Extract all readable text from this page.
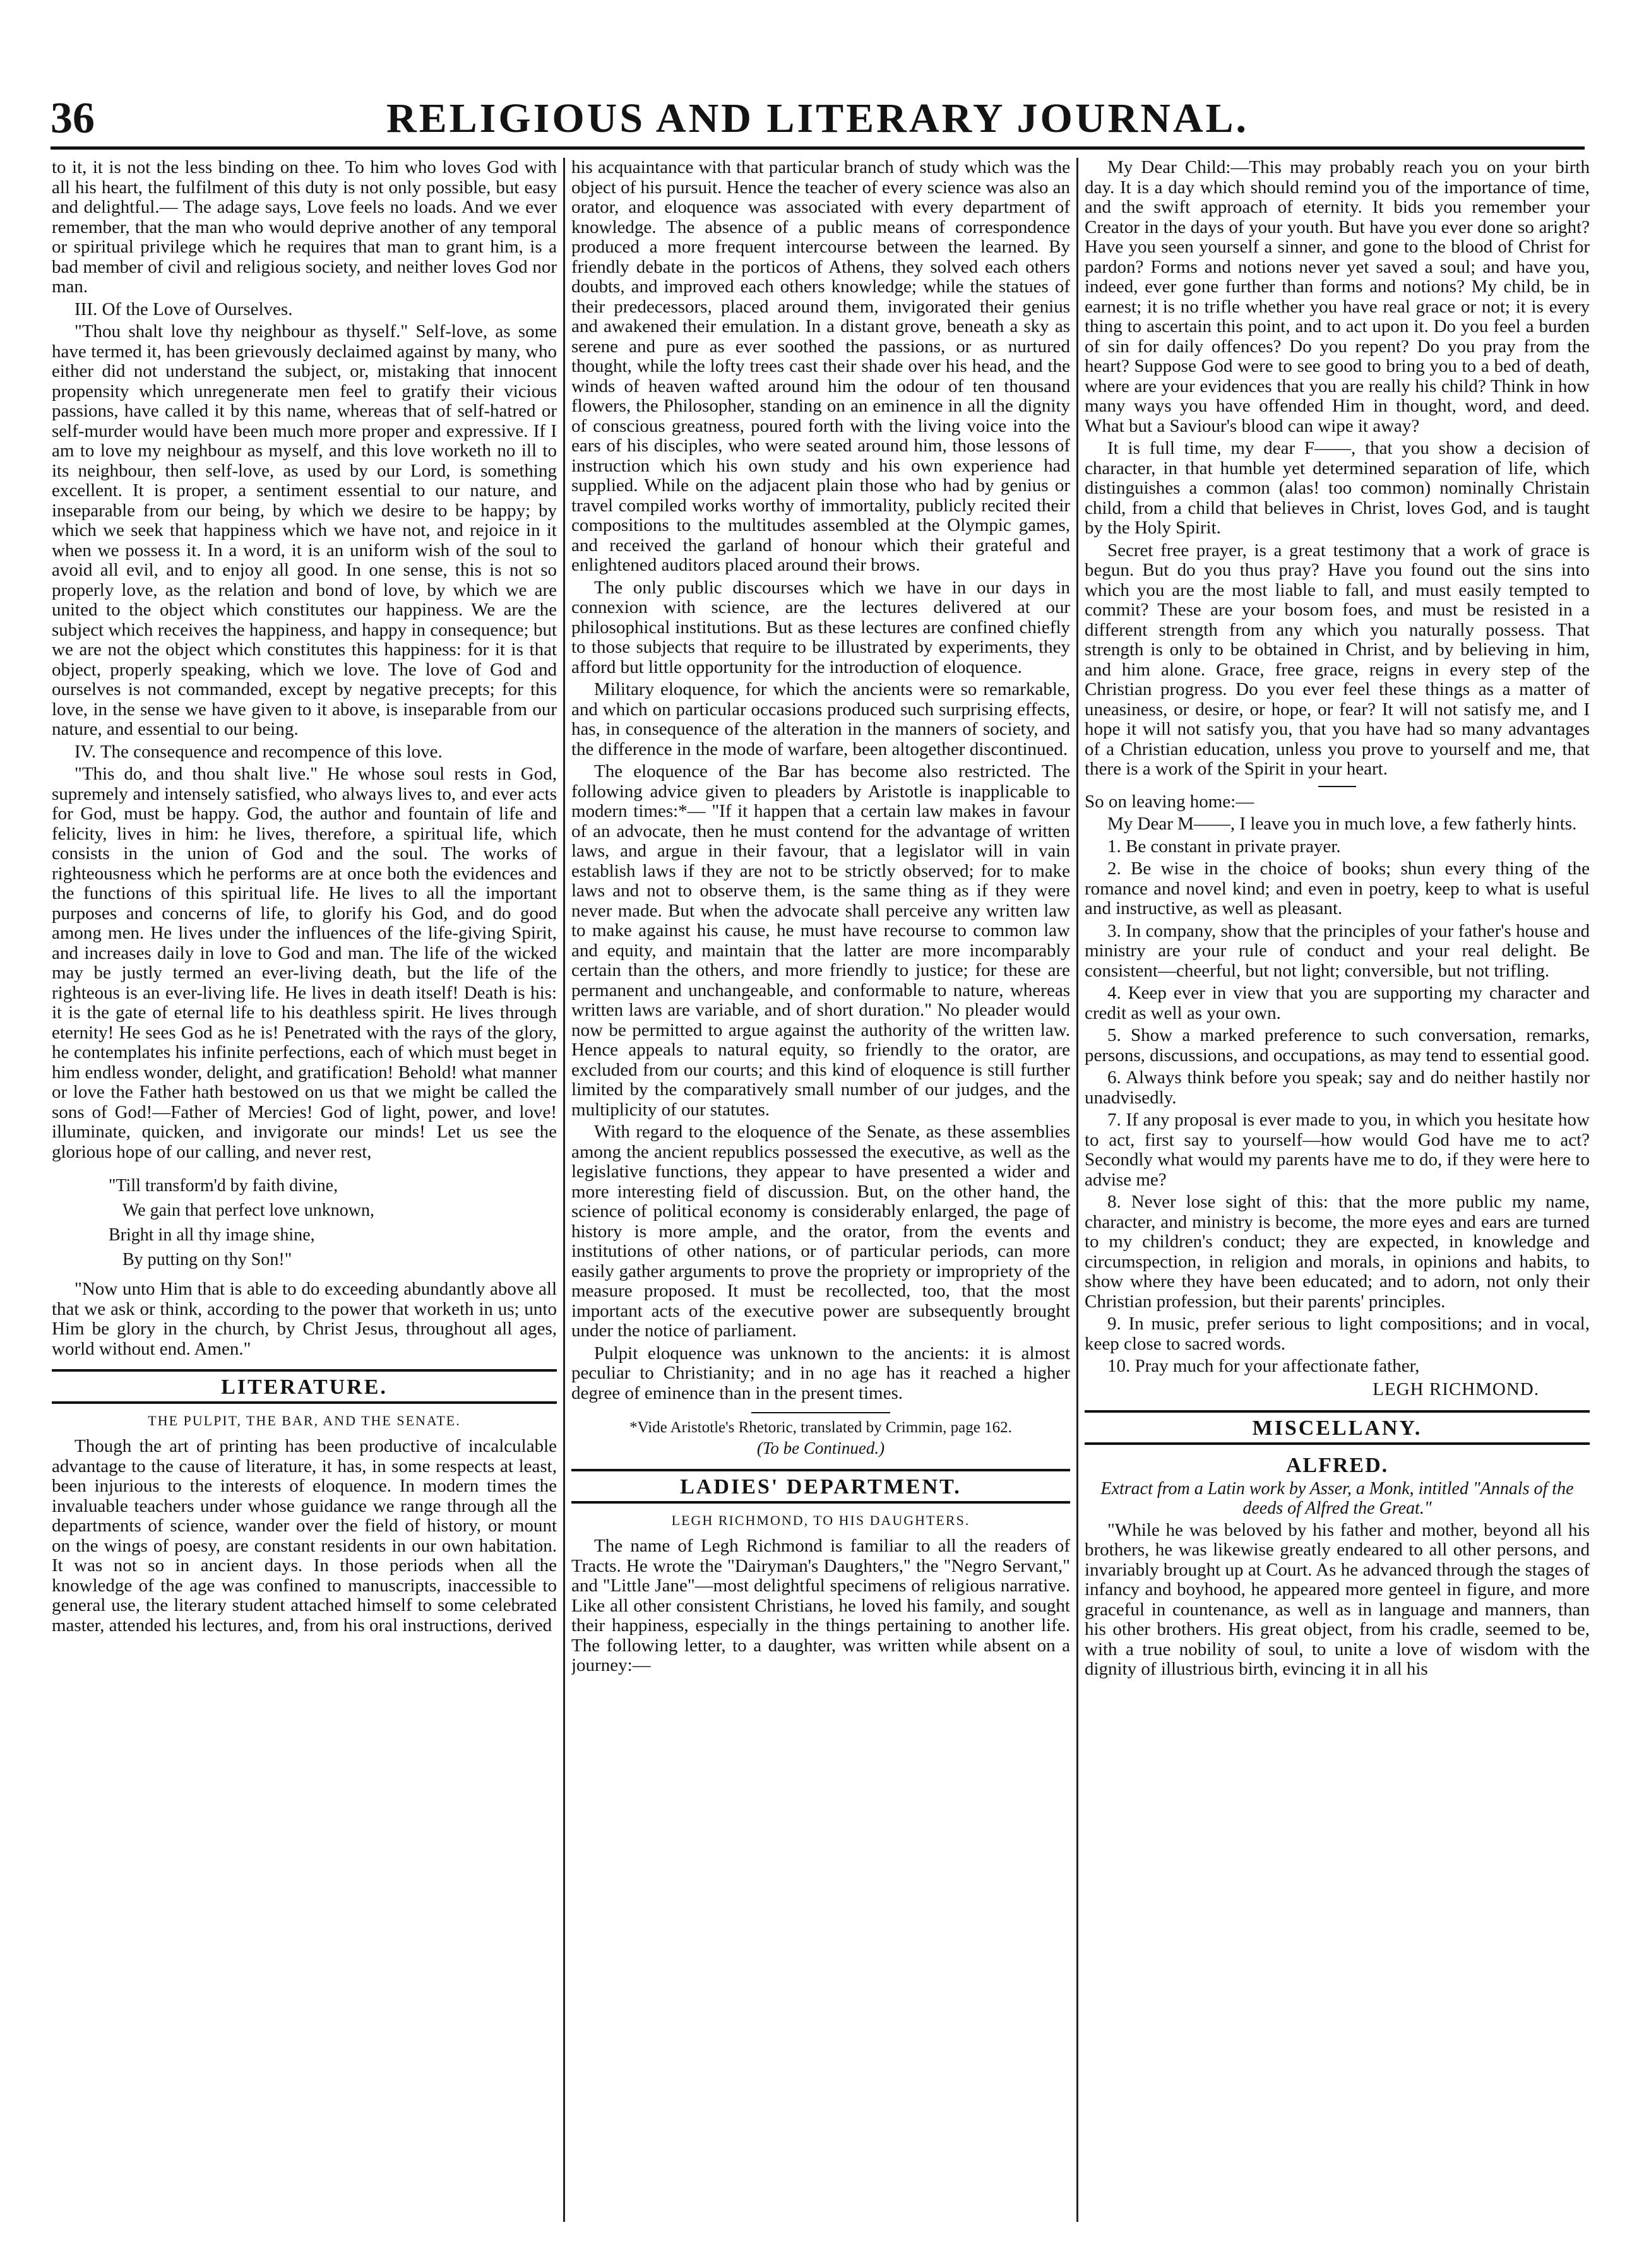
36	RELIGIOUS AND LITERARY JOURNAL.

to it, it is not the less binding on thee. To him who loves God with all his heart, the fulfilment of this duty is not only possible, but easy and delightful.— The adage says, Love feels no loads. And we ever remember, that the man who would deprive another of any temporal or spiritual privilege which he requires that man to grant him, is a bad member of civil and religious society, and neither loves God nor man.

III. Of the Love of Ourselves.

"Thou shalt love thy neighbour as thyself." Self-love, as some have termed it, has been grievously declaimed against by many, who either did not understand the subject, or, mistaking that innocent propensity which unregenerate men feel to gratify their vicious passions, have called it by this name, whereas that of self-hatred or self-murder would have been much more proper and expressive. If I am to love my neighbour as myself, and this love worketh no ill to its neighbour, then self-love, as used by our Lord, is something excellent. It is proper, a sentiment essential to our nature, and inseparable from our being, by which we desire to be happy; by which we seek that happiness which we have not, and rejoice in it when we possess it. In a word, it is an uniform wish of the soul to avoid all evil, and to enjoy all good. In one sense, this is not so properly love, as the relation and bond of love, by which we are united to the object which constitutes our happiness. We are the subject which receives the happiness, and happy in consequence; but we are not the object which constitutes this happiness: for it is that object, properly speaking, which we love. The love of God and ourselves is not commanded, except by negative precepts; for this love, in the sense we have given to it above, is inseparable from our nature, and essential to our being.

IV. The consequence and recompence of this love.

"This do, and thou shalt live." He whose soul rests in God, supremely and intensely satisfied, who always lives to, and ever acts for God, must be happy. God, the author and fountain of life and felicity, lives in him: he lives, therefore, a spiritual life, which consists in the union of God and the soul. The works of righteousness which he performs are at once both the evidences and the functions of this spiritual life. He lives to all the important purposes and concerns of life, to glorify his God, and do good among men. He lives under the influences of the life-giving Spirit, and increases daily in love to God and man. The life of the wicked may be justly termed an ever-living death, but the life of the righteous is an ever-living life. He lives in death itself! Death is his: it is the gate of eternal life to his deathless spirit. He lives through eternity! He sees God as he is! Penetrated with the rays of the glory, he contemplates his infinite perfections, each of which must beget in him endless wonder, delight, and gratification! Behold! what manner or love the Father hath bestowed on us that we might be called the sons of God!—Father of Mercies! God of light, power, and love! illuminate, quicken, and invigorate our minds! Let us see the glorious hope of our calling, and never rest,

"Till transform'd by faith divine,
We gain that perfect love unknown,
Bright in all thy image shine,
By putting on thy Son!"

"Now unto Him that is able to do exceeding abundantly above all that we ask or think, according to the power that worketh in us; unto Him be glory in the church, by Christ Jesus, throughout all ages, world without end. Amen."

LITERATURE.
THE PULPIT, THE BAR, AND THE SENATE.

Though the art of printing has been productive of incalculable advantage to the cause of literature, it has, in some respects at least, been injurious to the interests of eloquence. In modern times the invaluable teachers under whose guidance we range through all the departments of science, wander over the field of history, or mount on the wings of poesy, are constant residents in our own habitation. It was not so in ancient days. In those periods when all the knowledge of the age was confined to manuscripts, inaccessible to general use, the literary student attached himself to some celebrated master, attended his lectures, and, from his oral instructions, derived

his acquaintance with that particular branch of study which was the object of his pursuit. Hence the teacher of every science was also an orator, and eloquence was associated with every department of knowledge. The absence of a public means of correspondence produced a more frequent intercourse between the learned. By friendly debate in the porticos of Athens, they solved each others doubts, and improved each others knowledge; while the statues of their predecessors, placed around them, invigorated their genius and awakened their emulation. In a distant grove, beneath a sky as serene and pure as ever soothed the passions, or as nurtured thought, while the lofty trees cast their shade over his head, and the winds of heaven wafted around him the odour of ten thousand flowers, the Philosopher, standing on an eminence in all the dignity of conscious greatness, poured forth with the living voice into the ears of his disciples, who were seated around him, those lessons of instruction which his own study and his own experience had supplied. While on the adjacent plain those who had by genius or travel compiled works worthy of immortality, publicly recited their compositions to the multitudes assembled at the Olympic games, and received the garland of honour which their grateful and enlightened auditors placed around their brows.

The only public discourses which we have in our days in connexion with science, are the lectures delivered at our philosophical institutions. But as these lectures are confined chiefly to those subjects that require to be illustrated by experiments, they afford but little opportunity for the introduction of eloquence.

Military eloquence, for which the ancients were so remarkable, and which on particular occasions produced such surprising effects, has, in consequence of the alteration in the manners of society, and the difference in the mode of warfare, been altogether discontinued.

The eloquence of the Bar has become also restricted. The following advice given to pleaders by Aristotle is inapplicable to modern times:*— "If it happen that a certain law makes in favour of an advocate, then he must contend for the advantage of written laws, and argue in their favour, that a legislator will in vain establish laws if they are not to be strictly observed; for to make laws and not to observe them, is the same thing as if they were never made. But when the advocate shall perceive any written law to make against his cause, he must have recourse to common law and equity, and maintain that the latter are more incomparably certain than the others, and more friendly to justice; for these are permanent and unchangeable, and conformable to nature, whereas written laws are variable, and of short duration." No pleader would now be permitted to argue against the authority of the written law. Hence appeals to natural equity, so friendly to the orator, are excluded from our courts; and this kind of eloquence is still further limited by the comparatively small number of our judges, and the multiplicity of our statutes.

With regard to the eloquence of the Senate, as these assemblies among the ancient republics possessed the executive, as well as the legislative functions, they appear to have presented a wider and more interesting field of discussion. But, on the other hand, the science of political economy is considerably enlarged, the page of history is more ample, and the orator, from the events and institutions of other nations, or of particular periods, can more easily gather arguments to prove the propriety or impropriety of the measure proposed. It must be recollected, too, that the most important acts of the executive power are subsequently brought under the notice of parliament.

Pulpit eloquence was unknown to the ancients: it is almost peculiar to Christianity; and in no age has it reached a higher degree of eminence than in the present times.

*Vide Aristotle's Rhetoric, translated by Crimmin, page 162.
(To be Continued.)
LADIES' DEPARTMENT.
LEGH RICHMOND, TO HIS DAUGHTERS.

The name of Legh Richmond is familiar to all the readers of Tracts. He wrote the "Dairyman's Daughters," the "Negro Servant," and "Little Jane"—most delightful specimens of religious narrative. Like all other consistent Christians, he loved his family, and sought their happiness, especially in the things pertaining to another life. The following letter, to a daughter, was written while absent on a journey:—

My Dear Child:—This may probably reach you on your birth day. It is a day which should remind you of the importance of time, and the swift approach of eternity. It bids you remember your Creator in the days of your youth. But have you ever done so aright? Have you seen yourself a sinner, and gone to the blood of Christ for pardon? Forms and notions never yet saved a soul; and have you, indeed, ever gone further than forms and notions? My child, be in earnest; it is no trifle whether you have real grace or not; it is every thing to ascertain this point, and to act upon it. Do you feel a burden of sin for daily offences? Do you repent? Do you pray from the heart? Suppose God were to see good to bring you to a bed of death, where are your evidences that you are really his child? Think in how many ways you have offended Him in thought, word, and deed. What but a Saviour's blood can wipe it away?

It is full time, my dear F——, that you show a decision of character, in that humble yet determined separation of life, which distinguishes a common (alas! too common) nominally Christain child, from a child that believes in Christ, loves God, and is taught by the Holy Spirit.

Secret free prayer, is a great testimony that a work of grace is begun. But do you thus pray? Have you found out the sins into which you are the most liable to fall, and must easily tempted to commit? These are your bosom foes, and must be resisted in a different strength from any which you naturally possess. That strength is only to be obtained in Christ, and by believing in him, and him alone. Grace, free grace, reigns in every step of the Christian progress. Do you ever feel these things as a matter of uneasiness, or desire, or hope, or fear? It will not satisfy me, and I hope it will not satisfy you, that you have had so many advantages of a Christian education, unless you prove to yourself and me, that there is a work of the Spirit in your heart.

So on leaving home:—

My Dear M——, I leave you in much love, a few fatherly hints.

1. Be constant in private prayer.

2. Be wise in the choice of books; shun every thing of the romance and novel kind; and even in poetry, keep to what is useful and instructive, as well as pleasant.

3. In company, show that the principles of your father's house and ministry are your rule of conduct and your real delight. Be consistent—cheerful, but not light; conversible, but not trifling.

4. Keep ever in view that you are supporting my character and credit as well as your own.

5. Show a marked preference to such conversation, remarks, persons, discussions, and occupations, as may tend to essential good.

6. Always think before you speak; say and do neither hastily nor unadvisedly.

7. If any proposal is ever made to you, in which you hesitate how to act, first say to yourself—how would God have me to act? Secondly what would my parents have me to do, if they were here to advise me?

8. Never lose sight of this: that the more public my name, character, and ministry is become, the more eyes and ears are turned to my children's conduct; they are expected, in knowledge and circumspection, in religion and morals, in opinions and habits, to show where they have been educated; and to adorn, not only their Christian profession, but their parents' principles.

9. In music, prefer serious to light compositions; and in vocal, keep close to sacred words.

10. Pray much for your affectionate father,

LEGH RICHMOND.
MISCELLANY.
ALFRED.
Extract from a Latin work by Asser, a Monk, intitled "Annals of the deeds of Alfred the Great."

"While he was beloved by his father and mother, beyond all his brothers, he was likewise greatly endeared to all other persons, and invariably brought up at Court. As he advanced through the stages of infancy and boyhood, he appeared more genteel in figure, and more graceful in countenance, as well as in language and manners, than his other brothers. His great object, from his cradle, seemed to be, with a true nobility of soul, to unite a love of wisdom with the dignity of illustrious birth, evincing it in all his
